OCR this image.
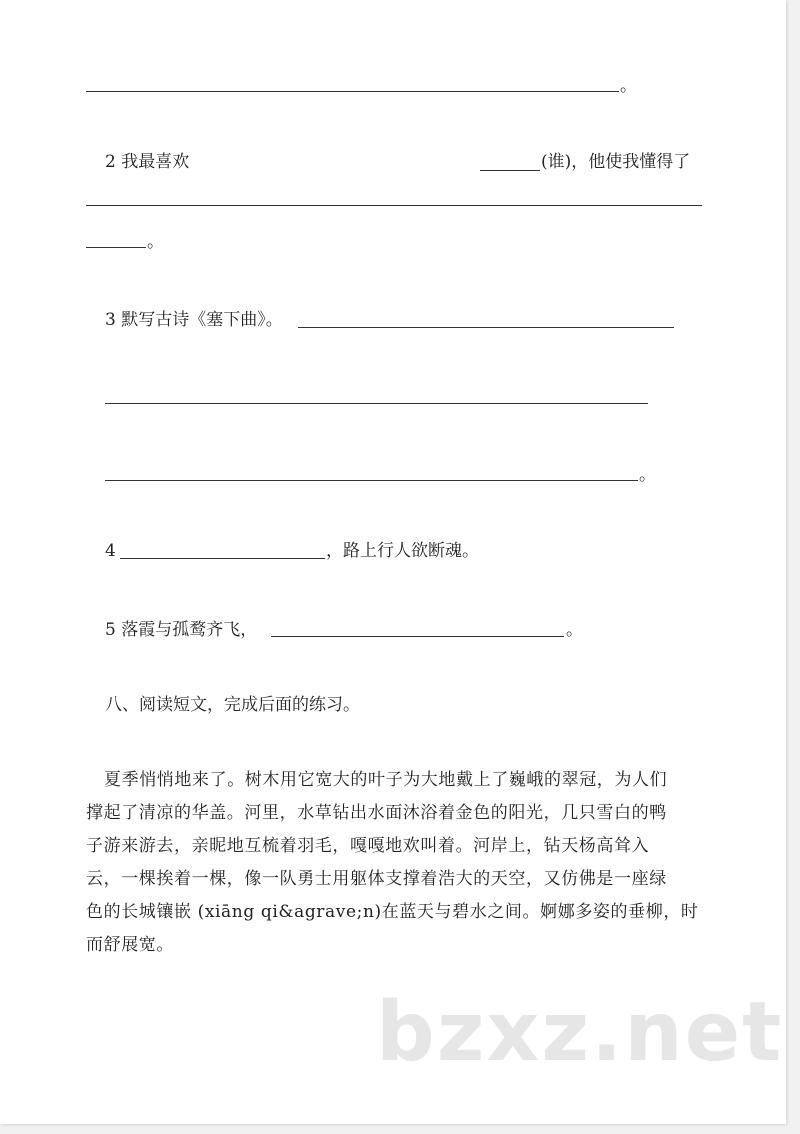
。
2 我最喜欢	(谁)，他使我懂得了
。
3 默写古诗《塞下曲》。
。
4	，路上行人欲断魂。
5 落霞与孤鹜齐飞，	。
八、阅读短文，完成后面的练习。

夏季悄悄地来了。树木用它宽大的叶子为大地戴上了巍峨的翠冠，为人们

撑起了清凉的华盖。河里，水草钻出水面沐浴着金色的阳光，几只雪白的鸭

子游来游去，亲昵地互梳着羽毛，嘎嘎地欢叫着。河岸上，钻天杨高耸入

云，一棵挨着一棵，像一队勇士用躯体支撑着浩大的天空，又仿佛是一座绿

色的长城镶嵌 (xiāng qi&agrave;n)在蓝天与碧水之间。婀娜多姿的垂柳，时

而舒展宽。

bzxz.net
